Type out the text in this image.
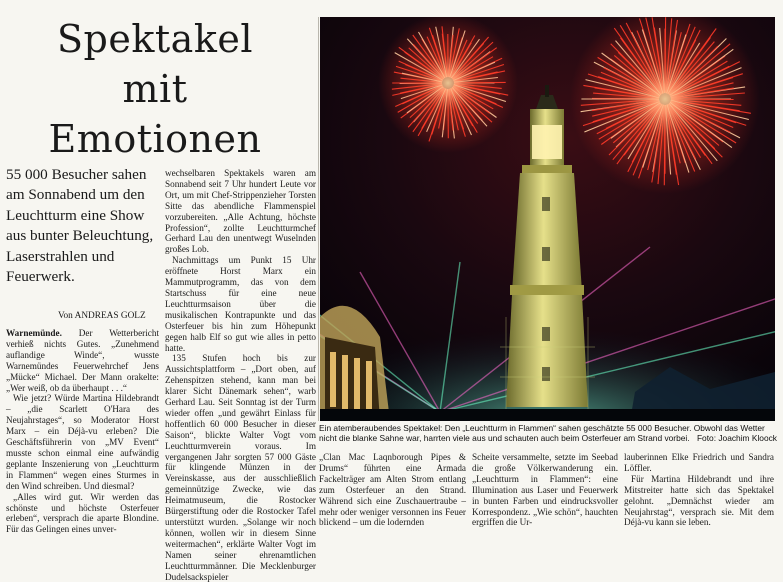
Spektakel
mit
Emotionen
55 000 Besucher sahen am Sonnabend um den Leuchtturm eine Show aus bunter Beleuchtung, Laserstrahlen und Feuerwerk.
Von ANDREAS GOLZ

Warnemünde. Der Wetterbericht verhieß nichts Gutes. „Zunehmend auflandige Winde“, wusste Warnemündes Feuerwehrchef Jens „Mücke“ Michael. Der Mann orakelte: „Wer weiß, ob da überhaupt . . .“

Wie jetzt? Würde Martina Hildebrandt – „die Scarlett O'Hara des Neujahrstages“, so Moderator Horst Marx – ein Déjà-vu erleben? Die Geschäftsführerin von „MV Event“ musste schon einmal eine aufwändig geplante Inszenierung von „Leuchtturm in Flammen“ wegen eines Sturmes in den Wind schreiben. Und diesmal?

„Alles wird gut. Wir werden das schönste und höchste Osterfeuer erleben“, versprach die aparte Blondine. Für das Gelingen eines unver-

wechselbaren Spektakels waren am Sonnabend seit 7 Uhr hundert Leute vor Ort, um mit Chef-Strippenzieher Torsten Sitte das abendliche Flammenspiel vorzubereiten. „Alle Achtung, höchste Profession“, zollte Leuchtturmchef Gerhard Lau den unentwegt Wuselnden großes Lob.

Nachmittags um Punkt 15 Uhr eröffnete Horst Marx ein Mammutprogramm, das von dem Startschuss für eine neue Leuchtturmsaison über die musikalischen Kontrapunkte und das Osterfeuer bis hin zum Höhepunkt gegen halb Elf so gut wie alles in petto hatte.

135 Stufen hoch bis zur Aussichtsplattform – „Dort oben, auf Zehenspitzen stehend, kann man bei klarer Sicht Dänemark sehen“, warb Gerhard Lau. Seit Sonntag ist der Turm wieder offen „und gewährt Einlass für hoffentlich 60 000 Besucher in dieser Saison“, blickte Walter Vogt vom Leuchtturmverein voraus. Im vergangenen Jahr sorgten 57 000 Gäste für klingende Münzen in der Vereinskasse, aus der ausschließlich gemeinnützige Zwecke, wie das Heimatmuseum, die Rostocker Bürgerstiftung oder die Rostocker Tafel unterstützt wurden. „Solange wir noch können, wollen wir in diesem Sinne weitermachen“, erklärte Walter Vogt im Namen seiner ehrenamtlichen Leuchtturmmänner. Die Mecklenburger Dudelsackspieler

Ein atemberaubendes Spektakel: Den „Leuchtturm in Flammen“ sahen geschätzte 55 000 Besucher. Obwohl das Wetter nicht die blanke Sahne war, harrten viele aus und schauten auch beim Osterfeuer am Strand vorbei. Foto: Joachim Kloock

„Clan Mac Laqnborough Pipes & Drums“ führten eine Armada Fackelträger am Alten Strom entlang zum Osterfeuer an den Strand. Während sich eine Zuschauertraube – mehr oder weniger versonnen ins Feuer blickend – um die lodernden

Scheite versammelte, setzte im Seebad die große Völkerwanderung ein. „Leuchtturm in Flammen“: eine Illumination aus Laser und Feuerwerk in bunten Farben und eindrucksvoller Korrespondenz. „Wie schön“, hauchten ergriffen die Ur-

lauberinnen Elke Friedrich und Sandra Löffler.

Für Martina Hildebrandt und ihre Mitstreiter hatte sich das Spektakel gelohnt. „Demnächst wieder am Neujahrstag“, versprach sie. Mit dem Déjà-vu kann sie leben.
